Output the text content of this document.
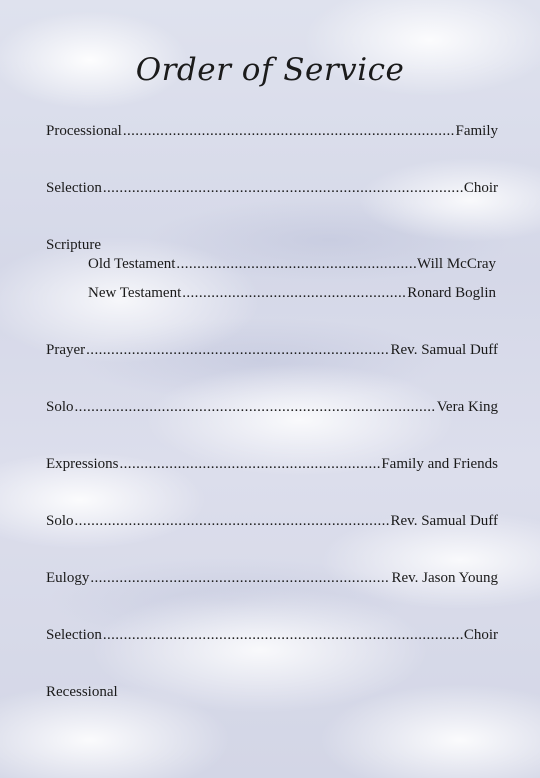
Order of Service
Processional .....	Family
Selection .....	Choir
Scripture
Old Testament .....	Will McCray
New Testament .....	Ronard Boglin
Prayer .....	Rev. Samual Duff
Solo .....	Vera King
Expressions .....	Family and Friends
Solo .....	Rev. Samual Duff
Eulogy .....	Rev. Jason Young
Selection .....	Choir
Recessional
